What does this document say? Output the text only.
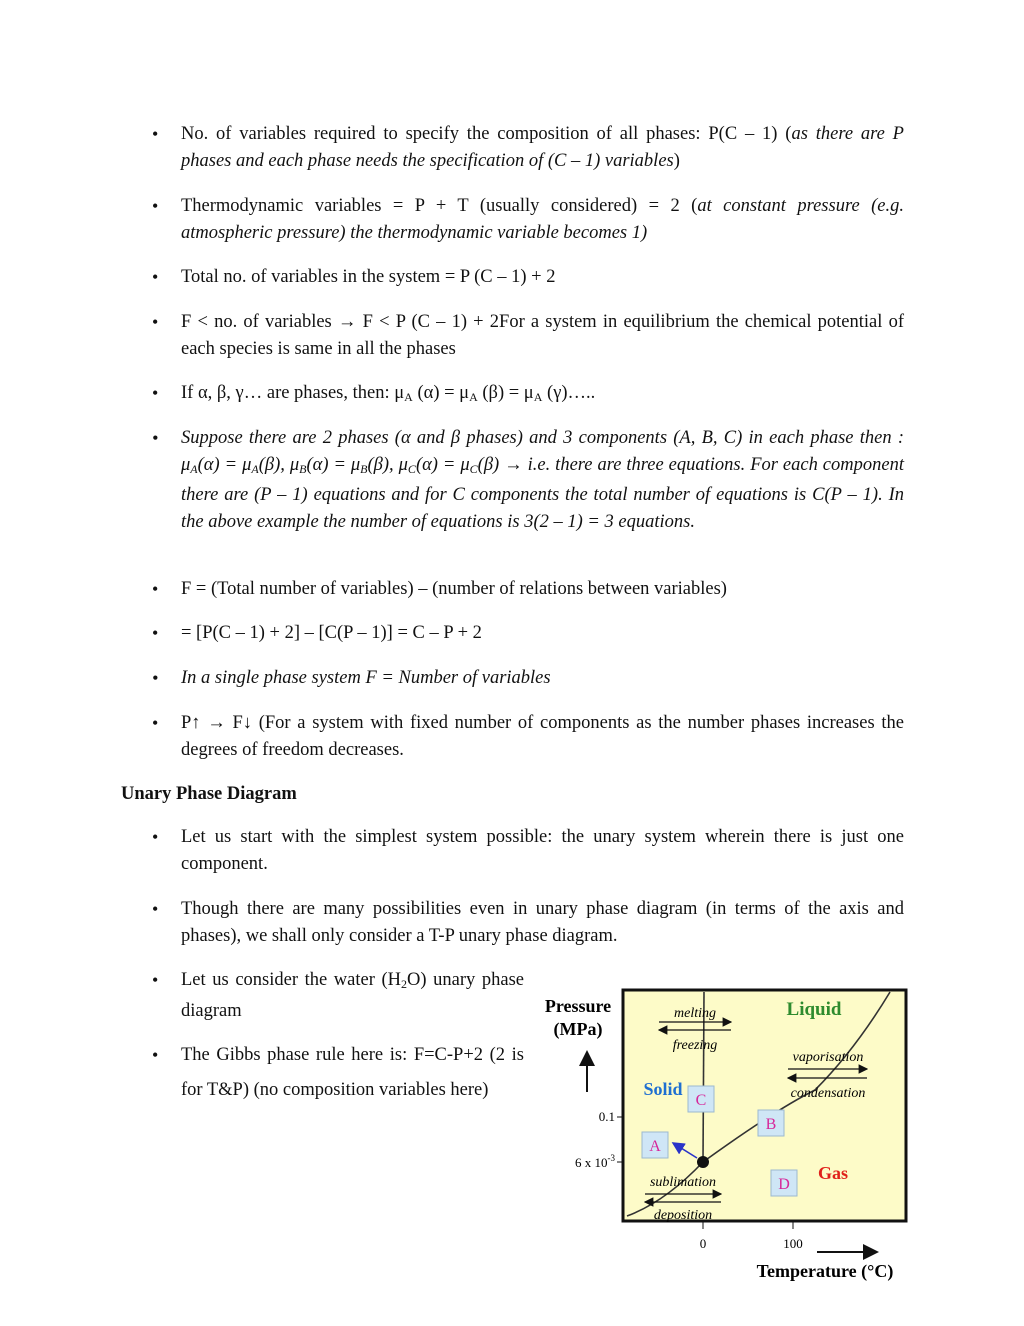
• No. of variables required to specify the composition of all phases: P(C – 1) (as there are P phases and each phase needs the specification of (C – 1) variables)
• Thermodynamic variables = P + T (usually considered) = 2 (at constant pressure (e.g. atmospheric pressure) the thermodynamic variable becomes 1)
• Total no. of variables in the system = P (C – 1) + 2
• F < no. of variables → F < P (C – 1) + 2For a system in equilibrium the chemical potential of each species is same in all the phases
• If α, β, γ… are phases, then: $\mu_A$ $(\alpha) = \mu_A$ $(\beta) = \mu_A$ (γ)…..
• Suppose there are 2 phases (α and β phases) and 3 components (A, B, C) in each phase then : μA(α) = μA(β), μB(α) = μB(β), μC(α) = μC(β) → i.e. there are three equations. For each component there are (P – 1) equations and for C components the total number of equations is C(P – 1). In the above example the number of equations is 3(2 – 1) = 3 equations.
• F = (Total number of variables) – (number of relations between variables)
• = [P(C – 1) + 2] – [C(P – 1)] = C – P + 2
• In a single phase system F = Number of variables
• P↑ → F↓ (For a system with fixed number of components as the number phases increases the degrees of freedom decreases.
Unary Phase Diagram
• Let us start with the simplest system possible: the unary system wherein there is just one component.
• Though there are many possibilities even in unary phase diagram (in terms of the axis and phases), we shall only consider a T-P unary phase diagram.
• Let us consider the water $(H_2O)$ unary phase diagram
• The Gibbs phase rule here is: F=C-P+2 (2 is for T&P) (no composition variables here)
Pressure
(MPa)
0.1
6 x $10^{-3}$
0	100
Temperature (°C)
Liquid
Solid
Gas
melting
freezing
vaporisation
condensation
sublimation
deposition
A
B
C
D
